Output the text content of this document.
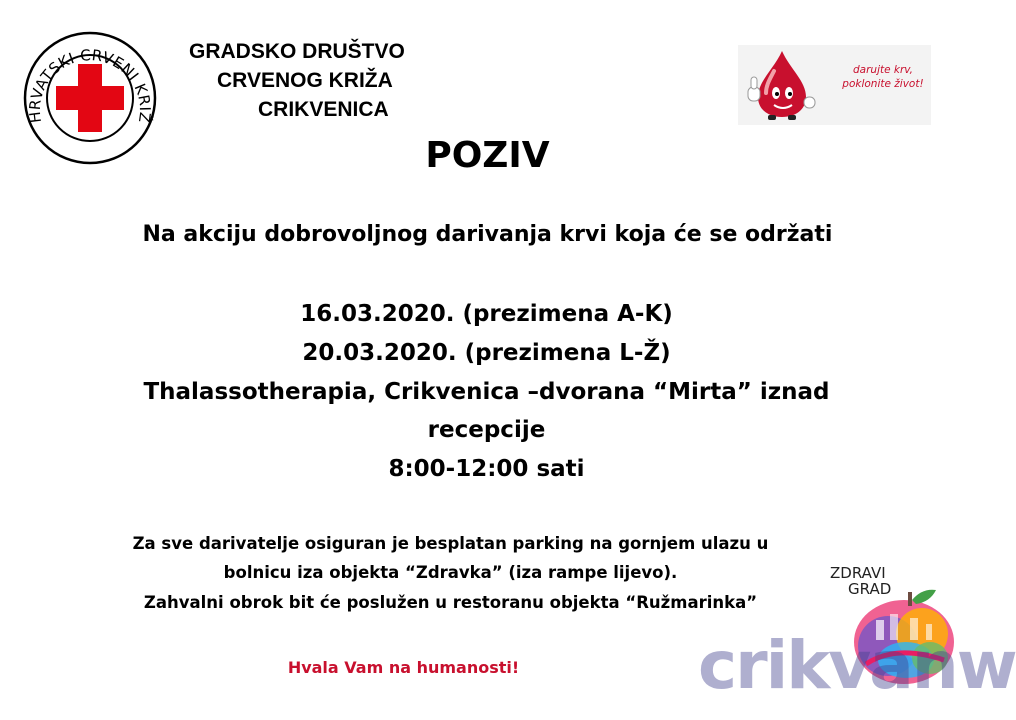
HRVATSKI CRVENI KRIŽ
GRADSKO DRUŠTVO
CRVENOG KRIŽA
CRIKVENICA
darujte krv,
poklonite život!
POZIV
Na akciju dobrovoljnog darivanja krvi koja će se održati
16.03.2020. (prezimena A-K)
20.03.2020. (prezimena L-Ž)
Thalassotherapia, Crikvenica –dvorana “Mirta” iznad
recepcije
8:00-12:00 sati
Za sve darivatelje osiguran je besplatan parking na gornjem ulazu u
bolnicu iza objekta “Zdravka” (iza rampe lijevo).
Zahvalni obrok bit će poslužen u restoranu objekta “Ružmarinka”
Hvala Vam na humanosti!
ZDRAVI
GRAD
crikvanw
